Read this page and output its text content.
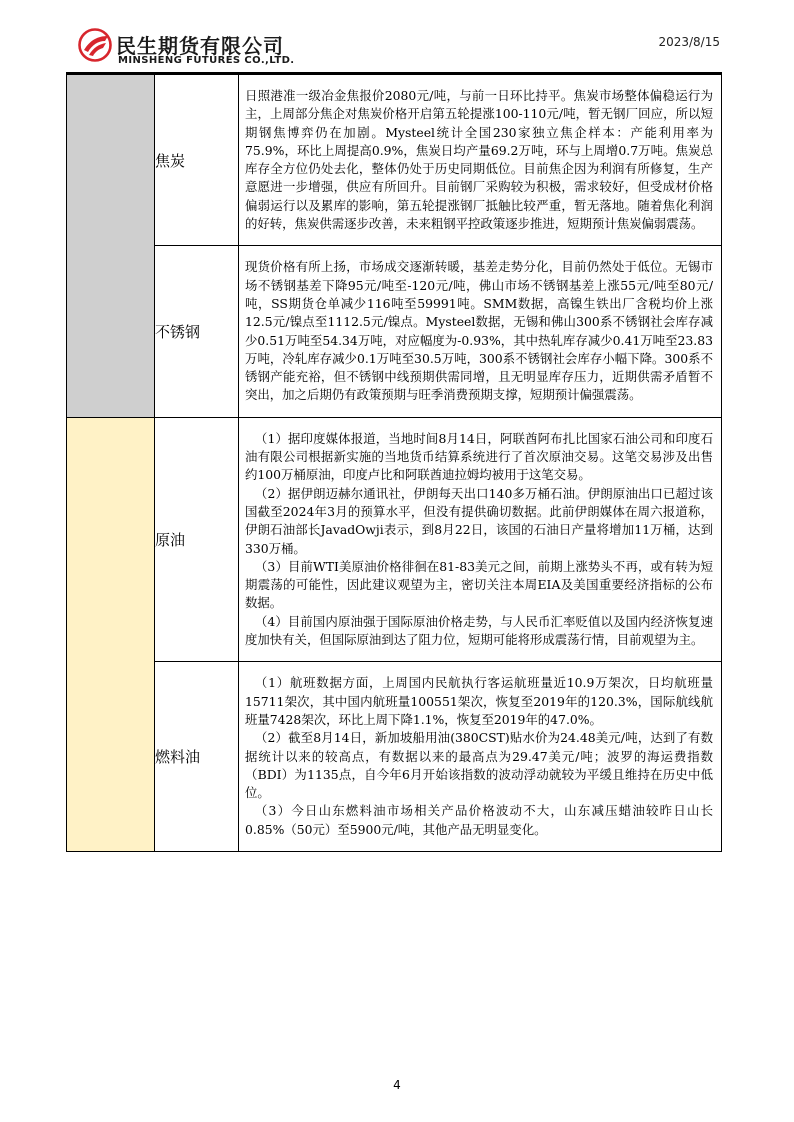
民生期货有限公司
MINSHENG FUTURES CO.,LTD.
2023/8/15
	焦炭	日照港准一级冶金焦报价2080元/吨，与前一日环比持平。焦炭市场整体偏稳运行为主，上周部分焦企对焦炭价格开启第五轮提涨100-110元/吨，暂无钢厂回应，所以短期钢焦博弈仍在加剧。Mysteel统计全国230家独立焦企样本：产能利用率为75.9%，环比上周提高0.9%，焦炭日均产量69.2万吨，环与上周增0.7万吨。焦炭总库存全方位仍处去化，整体仍处于历史同期低位。目前焦企因为利润有所修复，生产意愿进一步增强，供应有所回升。目前钢厂采购较为积极，需求较好，但受成材价格偏弱运行以及累库的影响，第五轮提涨钢厂抵触比较严重，暂无落地。随着焦化利润的好转，焦炭供需逐步改善，未来粗钢平控政策逐步推进，短期预计焦炭偏弱震荡。

	不锈钢	现货价格有所上扬，市场成交逐渐转暖，基差走势分化，目前仍然处于低位。无锡市场不锈钢基差下降95元/吨至-120元/吨，佛山市场不锈钢基差上涨55元/吨至80元/吨，SS期货仓单减少116吨至59991吨。SMM数据，高镍生铁出厂含税均价上涨12.5元/镍点至1112.5元/镍点。Mysteel数据，无锡和佛山300系不锈钢社会库存减少0.51万吨至54.34万吨，对应幅度为-0.93%，其中热轧库存减少0.41万吨至23.83万吨，冷轧库存减少0.1万吨至30.5万吨，300系不锈钢社会库存小幅下降。300系不锈钢产能充裕，但不锈钢中线预期供需同增，且无明显库存压力，近期供需矛盾暂不突出，加之后期仍有政策预期与旺季消费预期支撑，短期预计偏强震荡。

	原油	（1）据印度媒体报道，当地时间8月14日，阿联酋阿布扎比国家石油公司和印度石油有限公司根据新实施的当地货币结算系统进行了首次原油交易。这笔交易涉及出售约100万桶原油，印度卢比和阿联酋迪拉姆均被用于这笔交易。

（2）据伊朗迈赫尔通讯社，伊朗每天出口140多万桶石油。伊朗原油出口已超过该国截至2024年3月的预算水平，但没有提供确切数据。此前伊朗媒体在周六报道称，伊朗石油部长JavadOwji表示，到8月22日，该国的石油日产量将增加11万桶，达到330万桶。

（3）目前WTI美原油价格徘徊在81-83美元之间，前期上涨势头不再，或有转为短期震荡的可能性，因此建议观望为主，密切关注本周EIA及美国重要经济指标的公布数据。

（4）目前国内原油强于国际原油价格走势，与人民币汇率贬值以及国内经济恢复速度加快有关，但国际原油到达了阻力位，短期可能将形成震荡行情，目前观望为主。

	燃料油	（1）航班数据方面，上周国内民航执行客运航班量近10.9万架次，日均航班量15711架次，其中国内航班量100551架次，恢复至2019年的120.3%，国际航线航班量7428架次，环比上周下降1.1%，恢复至2019年的47.0%。

（2）截至8月14日，新加坡船用油(380CST)贴水价为24.48美元/吨，达到了有数据统计以来的较高点，有数据以来的最高点为29.47美元/吨；波罗的海运费指数（BDI）为1135点，自今年6月开始该指数的波动浮动就较为平缓且维持在历史中低位。

（3）今日山东燃料油市场相关产品价格波动不大，山东减压蜡油较昨日山长0.85%（50元）至5900元/吨，其他产品无明显变化。

4
